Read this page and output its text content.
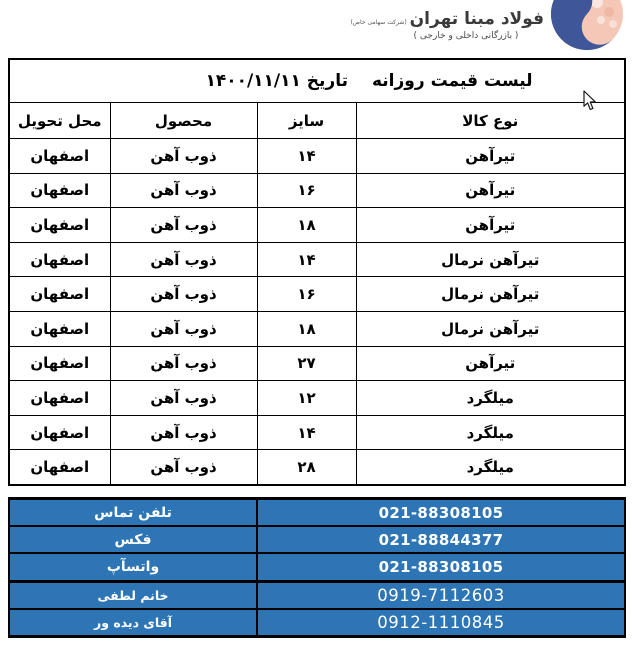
فولاد مبنا تهران
(شرکت سهامی خاص)
( بازرگانی داخلی و خارجی )
لیست قیمت روزانه
تاریخ ۱۴۰۰/۱۱/۱۱			

نوع کالا	سایز	محصول	محل تحویل
تیرآهن	۱۴	ذوب آهن	اصفهان
تیرآهن	۱۶	ذوب آهن	اصفهان
تیرآهن	۱۸	ذوب آهن	اصفهان
تیرآهن نرمال	۱۴	ذوب آهن	اصفهان
تیرآهن نرمال	۱۶	ذوب آهن	اصفهان
تیرآهن نرمال	۱۸	ذوب آهن	اصفهان
تیرآهن	۲۷	ذوب آهن	اصفهان
میلگرد	۱۲	ذوب آهن	اصفهان
میلگرد	۱۴	ذوب آهن	اصفهان
میلگرد	۲۸	ذوب آهن	اصفهان
تلفن تماس	021-88308105
فکس	021-88844377
واتسآپ	021-88308105
خانم لطفی	0919-7112603
آقای دیده ور	0912-1110845
